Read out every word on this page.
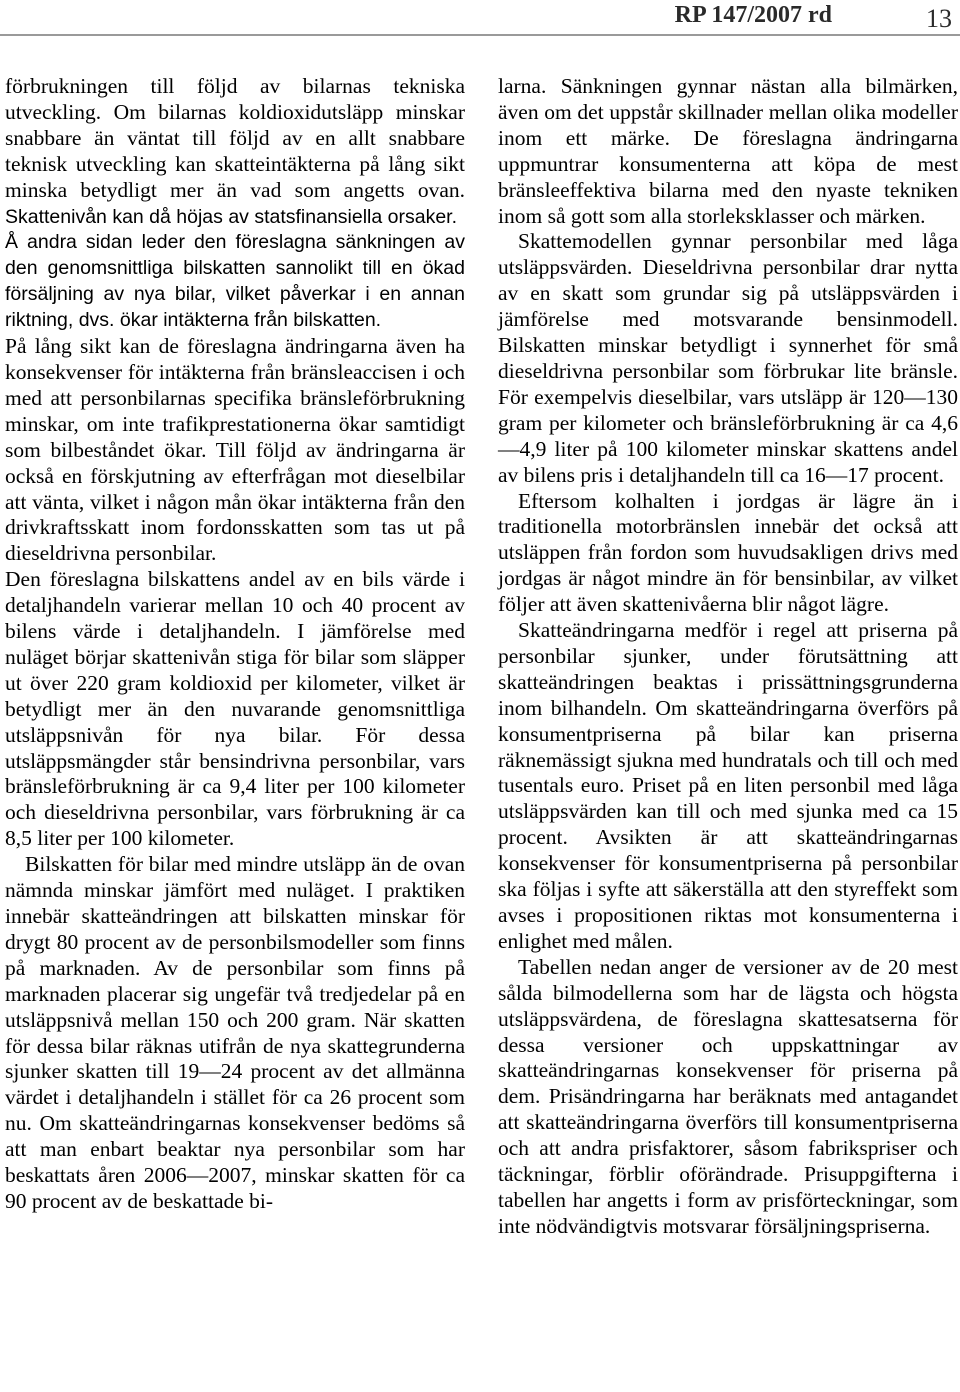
RP 147/2007 rd	13

förbrukningen till följd av bilarnas tekniska utveckling. Om bilarnas koldioxidutsläpp minskar snabbare än väntat till följd av en allt snabbare teknisk utveckling kan skatteintäkterna på lång sikt minska betydligt mer än vad som angetts ovan. Skattenivån kan då höjas av statsfinansiella orsaker.

Å andra sidan leder den föreslagna sänkningen av den genomsnittliga bilskatten sannolikt till en ökad försäljning av nya bilar, vilket påverkar i en annan riktning, dvs. ökar intäkterna från bilskatten.

På lång sikt kan de föreslagna ändringarna även ha konsekvenser för intäkterna från bränsleaccisen i och med att personbilarnas specifika bränsleförbrukning minskar, om inte trafikprestationerna ökar samtidigt som bilbeståndet ökar. Till följd av ändringarna är också en förskjutning av efterfrågan mot dieselbilar att vänta, vilket i någon mån ökar intäkterna från den drivkraftsskatt inom fordonsskatten som tas ut på dieseldrivna personbilar.

Den föreslagna bilskattens andel av en bils värde i detaljhandeln varierar mellan 10 och 40 procent av bilens värde i detaljhandeln. I jämförelse med nuläget börjar skattenivån stiga för bilar som släpper ut över 220 gram koldioxid per kilometer, vilket är betydligt mer än den nuvarande genomsnittliga utsläppsnivån för nya bilar. För dessa utsläppsmängder står bensindrivna personbilar, vars bränsleförbrukning är ca 9,4 liter per 100 kilometer och dieseldrivna personbilar, vars förbrukning är ca 8,5 liter per 100 kilometer.

Bilskatten för bilar med mindre utsläpp än de ovan nämnda minskar jämfört med nuläget. I praktiken innebär skatteändringen att bilskatten minskar för drygt 80 procent av de personbilsmodeller som finns på marknaden. Av de personbilar som finns på marknaden placerar sig ungefär två tredjedelar på en utsläppsnivå mellan 150 och 200 gram. När skatten för dessa bilar räknas utifrån de nya skattegrunderna sjunker skatten till 19—24 procent av det allmänna värdet i detaljhandeln i stället för ca 26 procent som nu. Om skatteändringarnas konsekvenser bedöms så att man enbart beaktar nya personbilar som har beskattats åren 2006—2007, minskar skatten för ca 90 procent av de beskattade bi-

larna. Sänkningen gynnar nästan alla bilmärken, även om det uppstår skillnader mellan olika modeller inom ett märke. De föreslagna ändringarna uppmuntrar konsumenterna att köpa de mest bränsleeffektiva bilarna med den nyaste tekniken inom så gott som alla storleksklasser och märken.

Skattemodellen gynnar personbilar med låga utsläppsvärden. Dieseldrivna personbilar drar nytta av en skatt som grundar sig på utsläppsvärden i jämförelse med motsvarande bensinmodell. Bilskatten minskar betydligt i synnerhet för små dieseldrivna personbilar som förbrukar lite bränsle. För exempelvis dieselbilar, vars utsläpp är 120—130 gram per kilometer och bränsleförbrukning är ca 4,6—4,9 liter på 100 kilometer minskar skattens andel av bilens pris i detaljhandeln till ca 16—17 procent.

Eftersom kolhalten i jordgas är lägre än i traditionella motorbränslen innebär det också att utsläppen från fordon som huvudsakligen drivs med jordgas är något mindre än för bensinbilar, av vilket följer att även skattenivåerna blir något lägre.

Skatteändringarna medför i regel att priserna på personbilar sjunker, under förutsättning att skatteändringen beaktas i prissättningsgrunderna inom bilhandeln. Om skatteändringarna överförs på konsumentpriserna på bilar kan priserna räknemässigt sjukna med hundratals och till och med tusentals euro. Priset på en liten personbil med låga utsläppsvärden kan till och med sjunka med ca 15 procent. Avsikten är att skatteändringarnas konsekvenser för konsumentpriserna på personbilar ska följas i syfte att säkerställa att den styreffekt som avses i propositionen riktas mot konsumenterna i enlighet med målen.

Tabellen nedan anger de versioner av de 20 mest sålda bilmodellerna som har de lägsta och högsta utsläppsvärdena, de föreslagna skattesatserna för dessa versioner och uppskattningar av skatteändringarnas konsekvenser för priserna på dem. Prisändringarna har beräknats med antagandet att skatteändringarna överförs till konsumentpriserna och att andra prisfaktorer, såsom fabrikspriser och täckningar, förblir oförändrade. Prisuppgifterna i tabellen har angetts i form av prisförteckningar, som inte nödvändigtvis motsvarar försäljningspriserna.
